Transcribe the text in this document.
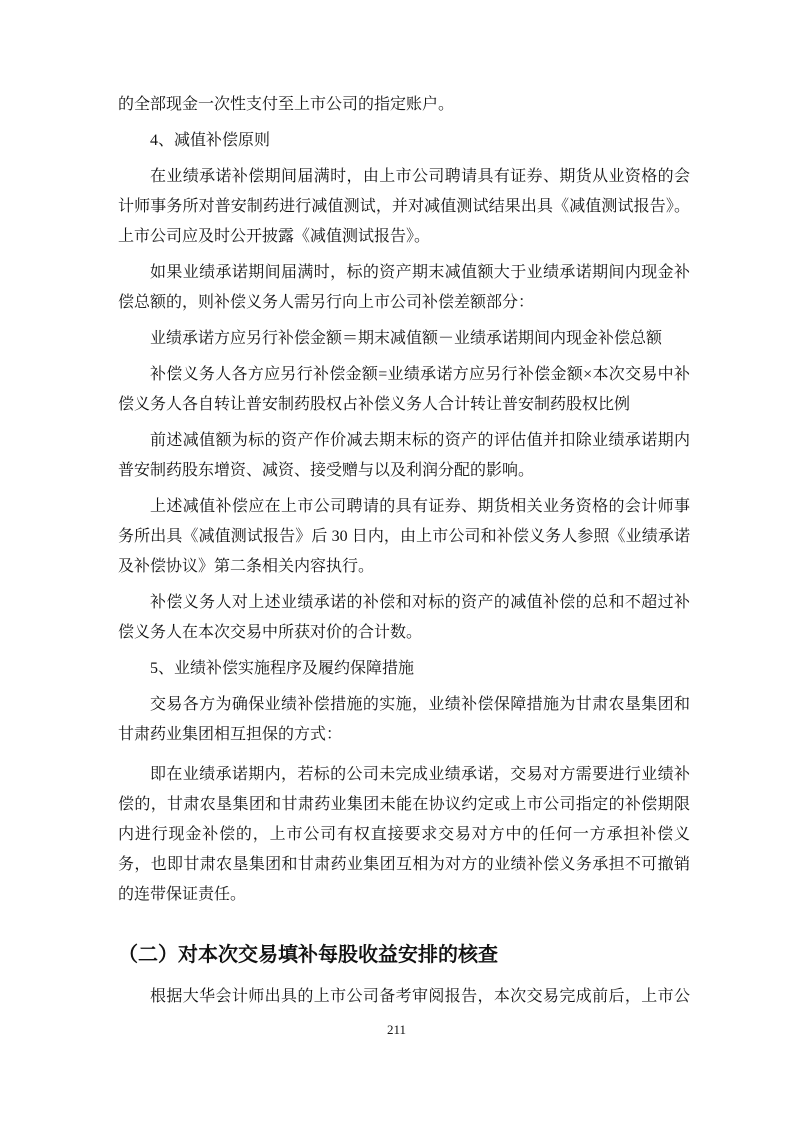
的全部现金一次性支付至上市公司的指定账户。

4、减值补偿原则

在业绩承诺补偿期间届满时，由上市公司聘请具有证券、期货从业资格的会计师事务所对普安制药进行减值测试，并对减值测试结果出具《减值测试报告》。上市公司应及时公开披露《减值测试报告》。

如果业绩承诺期间届满时，标的资产期末减值额大于业绩承诺期间内现金补偿总额的，则补偿义务人需另行向上市公司补偿差额部分：

业绩承诺方应另行补偿金额＝期末减值额－业绩承诺期间内现金补偿总额

补偿义务人各方应另行补偿金额=业绩承诺方应另行补偿金额×本次交易中补偿义务人各自转让普安制药股权占补偿义务人合计转让普安制药股权比例

前述减值额为标的资产作价减去期末标的资产的评估值并扣除业绩承诺期内普安制药股东增资、减资、接受赠与以及利润分配的影响。

上述减值补偿应在上市公司聘请的具有证券、期货相关业务资格的会计师事务所出具《减值测试报告》后 30 日内，由上市公司和补偿义务人参照《业绩承诺及补偿协议》第二条相关内容执行。

补偿义务人对上述业绩承诺的补偿和对标的资产的减值补偿的总和不超过补偿义务人在本次交易中所获对价的合计数。

5、业绩补偿实施程序及履约保障措施

交易各方为确保业绩补偿措施的实施，业绩补偿保障措施为甘肃农垦集团和甘肃药业集团相互担保的方式：

即在业绩承诺期内，若标的公司未完成业绩承诺，交易对方需要进行业绩补偿的，甘肃农垦集团和甘肃药业集团未能在协议约定或上市公司指定的补偿期限内进行现金补偿的，上市公司有权直接要求交易对方中的任何一方承担补偿义务，也即甘肃农垦集团和甘肃药业集团互相为对方的业绩补偿义务承担不可撤销的连带保证责任。

（二）对本次交易填补每股收益安排的核查

根据大华会计师出具的上市公司备考审阅报告，本次交易完成前后，上市公

211
